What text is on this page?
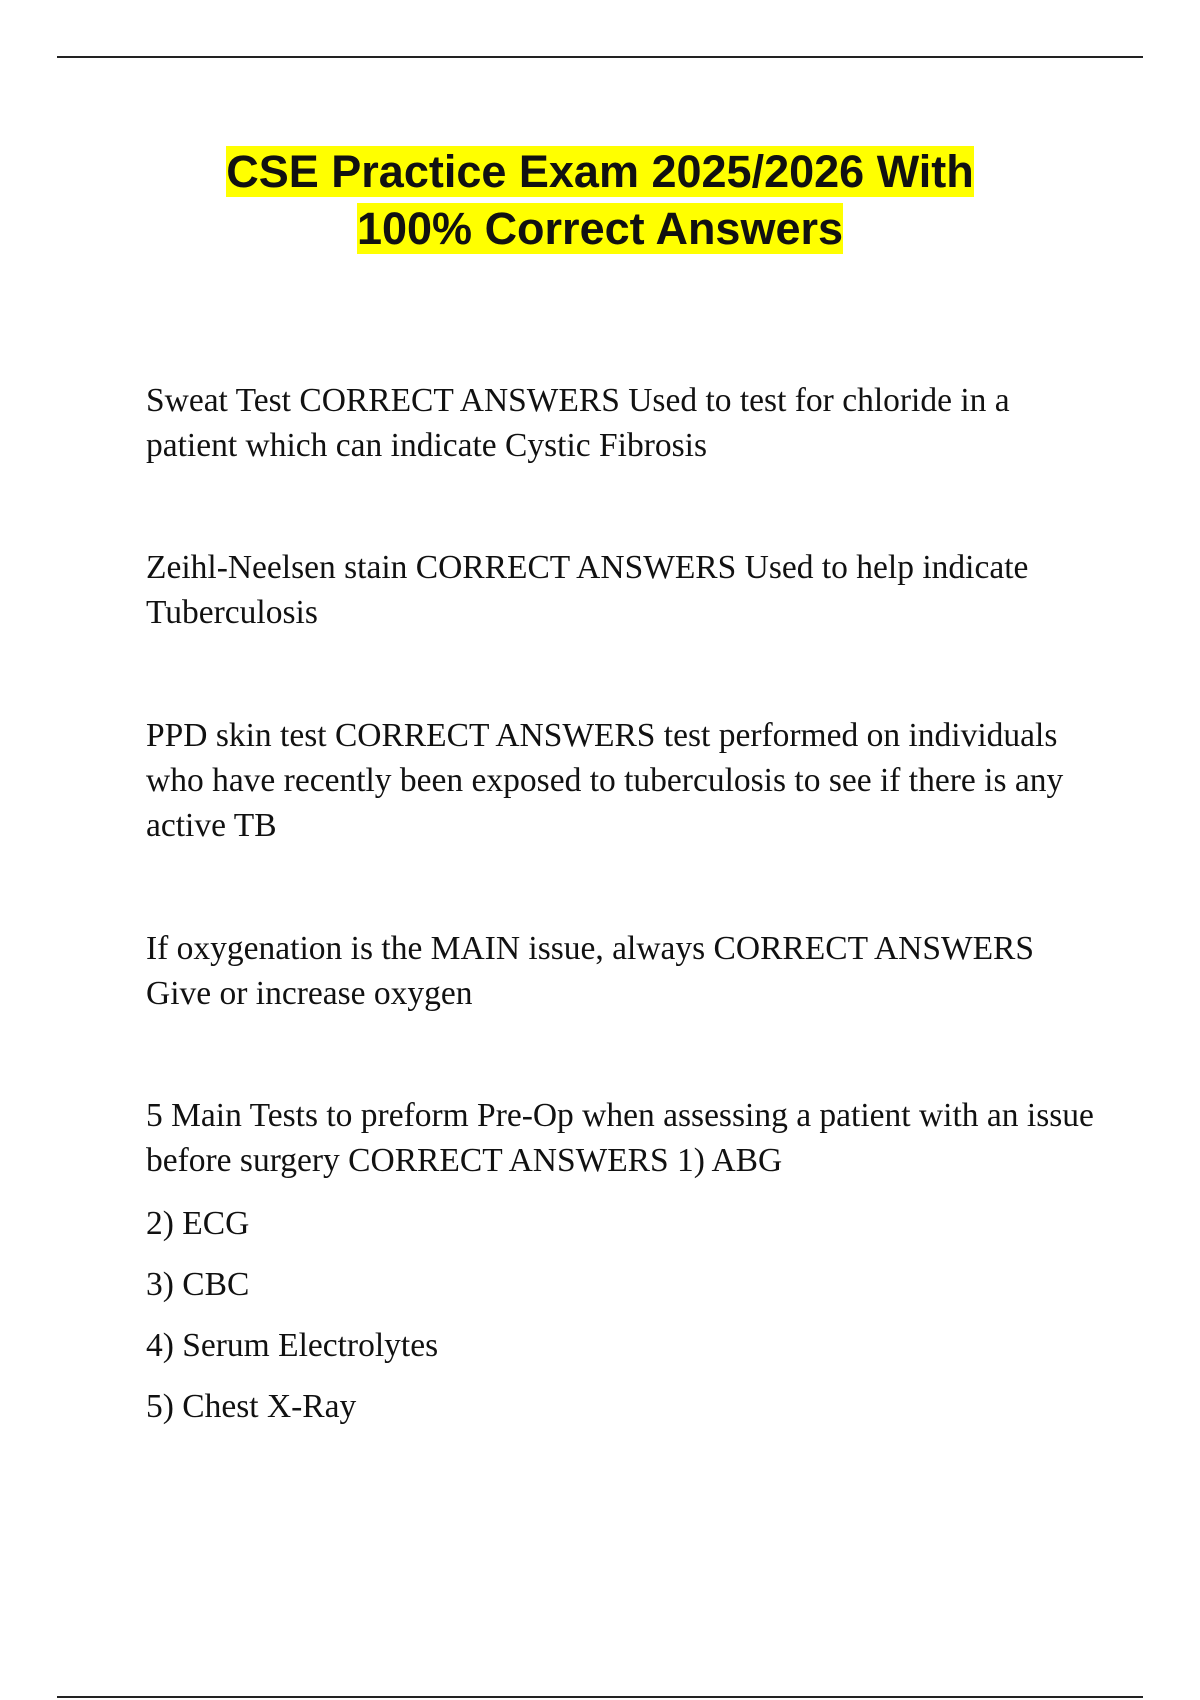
CSE Practice Exam 2025/2026 With
100% Correct Answers

Sweat Test CORRECT ANSWERS Used to test for chloride in a patient which can indicate Cystic Fibrosis

Zeihl-Neelsen stain CORRECT ANSWERS Used to help indicate Tuberculosis

PPD skin test CORRECT ANSWERS test performed on individuals who have recently been exposed to tuberculosis to see if there is any active TB

If oxygenation is the MAIN issue, always CORRECT ANSWERS Give or increase oxygen

5 Main Tests to preform Pre-Op when assessing a patient with an issue before surgery CORRECT ANSWERS 1) ABG

2) ECG

3) CBC

4) Serum Electrolytes

5) Chest X-Ray
